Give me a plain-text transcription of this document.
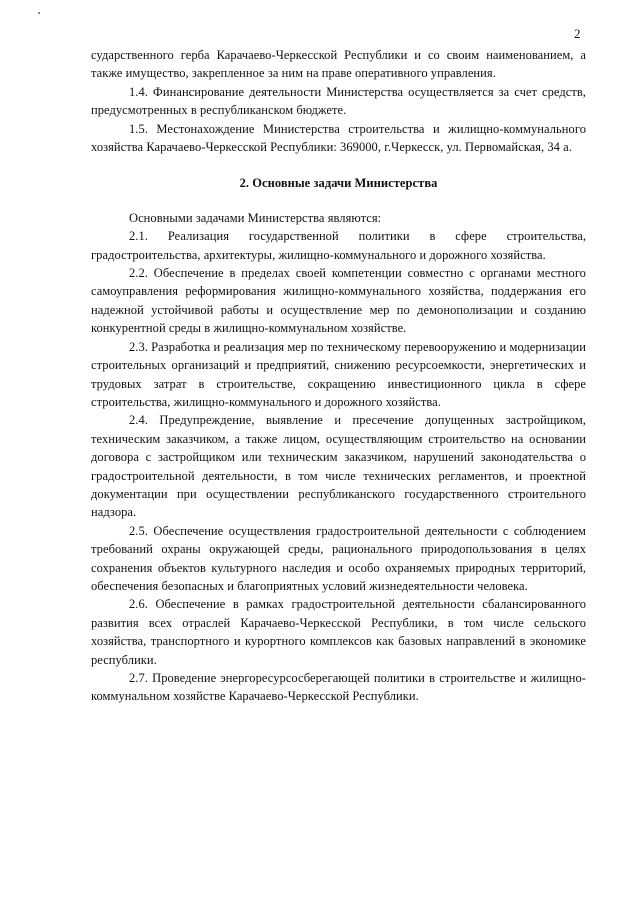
2

сударственного герба Карачаево-Черкесской Республики и со своим наименованием, а также имущество, закрепленное за ним на праве оперативного управления.

1.4. Финансирование деятельности Министерства осуществляется за счет средств, предусмотренных в республиканском бюджете.

1.5. Местонахождение Министерства строительства и жилищно-коммунального хозяйства Карачаево-Черкесской Республики: 369000, г.Черкесск, ул. Первомайская, 34 а.

2. Основные задачи Министерства

Основными задачами Министерства являются:

2.1. Реализация государственной политики в сфере строительства, градостроительства, архитектуры, жилищно-коммунального и дорожного хозяйства.

2.2. Обеспечение в пределах своей компетенции совместно с органами местного самоуправления реформирования жилищно-коммунального хозяйства, поддержания его надежной устойчивой работы и осуществление мер по демонополизации и созданию конкурентной среды в жилищно-коммунальном хозяйстве.

2.3. Разработка и реализация мер по техническому перевооружению и модернизации строительных организаций и предприятий, снижению ресурсоемкости, энергетических и трудовых затрат в строительстве, сокращению инвестиционного цикла в сфере строительства, жилищно-коммунального и дорожного хозяйства.

2.4. Предупреждение, выявление и пресечение допущенных застройщиком, техническим заказчиком, а также лицом, осуществляющим строительство на основании договора с застройщиком или техническим заказчиком, нарушений законодательства о градостроительной деятельности, в том числе технических регламентов, и проектной документации при осуществлении республиканского государственного строительного надзора.

2.5. Обеспечение осуществления градостроительной деятельности с соблюдением требований охраны окружающей среды, рационального природопользования в целях сохранения объектов культурного наследия и особо охраняемых природных территорий, обеспечения безопасных и благоприятных условий жизнедеятельности человека.

2.6. Обеспечение в рамках градостроительной деятельности сбалансированного развития всех отраслей Карачаево-Черкесской Республики, в том числе сельского хозяйства, транспортного и курортного комплексов как базовых направлений в экономике республики.

2.7. Проведение энергоресурсосберегающей политики в строительстве и жилищно-коммунальном хозяйстве Карачаево-Черкесской Республики.
